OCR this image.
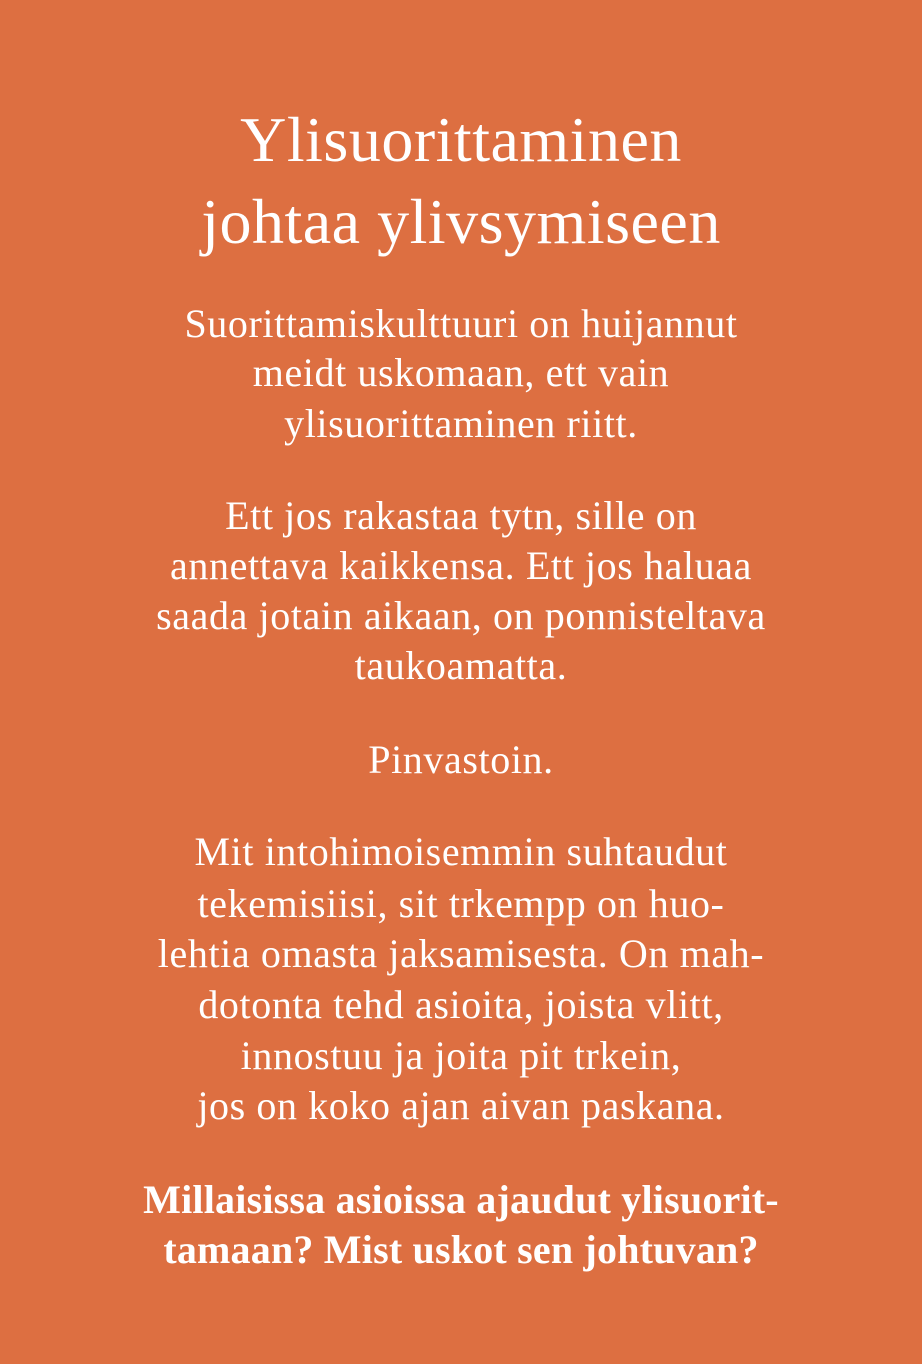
Ylisuorittaminen
johtaa ylivsymiseen
Suorittamiskulttuuri on huijannut
meidt uskomaan, ett vain
ylisuorittaminen riitt.
Ett jos rakastaa tytn, sille on
annettava kaikkensa. Ett jos haluaa
saada jotain aikaan, on ponnisteltava
taukoamatta.
Pinvastoin.
Mit intohimoisemmin suhtaudut
tekemisiisi, sit trkempp on huo-
lehtia omasta jaksamisesta. On mah-
dotonta tehd asioita, joista vlitt,
innostuu ja joita pit trkein,
jos on koko ajan aivan paskana.
Millaisissa asioissa ajaudut ylisuorit-
tamaan? Mist uskot sen johtuvan?
